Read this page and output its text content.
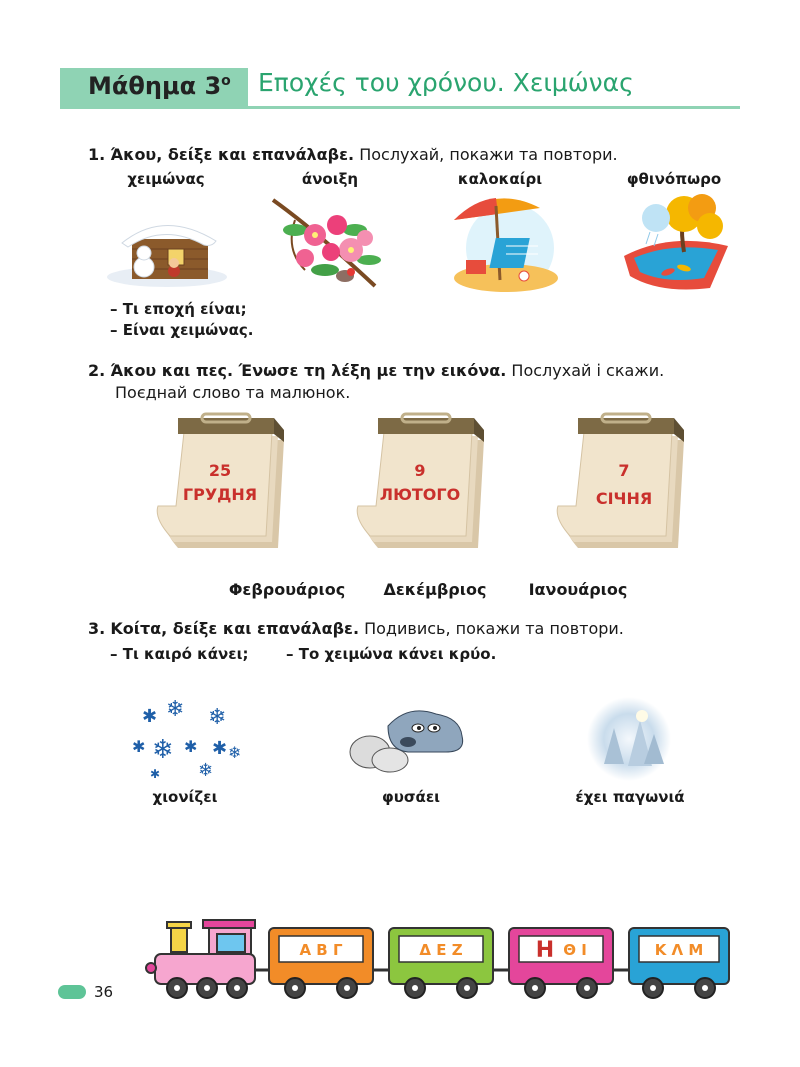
Μάθημα $3^o$ Εποχές του χρόνου. Χειμώνας
1. Άκου, δείξε και επανάλαβε. Послухай, покажи та повтори.
χειμώνας	άνοιξη	καλοκαίρι	φθινόπωρο
– Τι εποχή είναι;
– Είναι χειμώνας.
2. Άκου και πες. Ένωσε τη λέξη με την εικόνα. Послухай і скажи.
Поєднай слово та малюнок.
25
ГРУДНЯ
9
ЛЮТОГО
7
СІЧНЯ
Φεβρουάριος	Δεκέμβριος	Ιανουάριος
3. Κοίτα, δείξε και επανάλαβε. Подивись, покажи та повтори.
– Τι καιρό κάνει;	– Το χειμώνα κάνει κρύο.
✱ ❄ ❄
✱ ❄ ✱ ✱ ❄
❄
✱
χιονίζει	φυσάει	έχει παγωνιά
Α Β Γ	Δ Ε Ζ	Η Θ Ι	Κ Λ Μ
36
